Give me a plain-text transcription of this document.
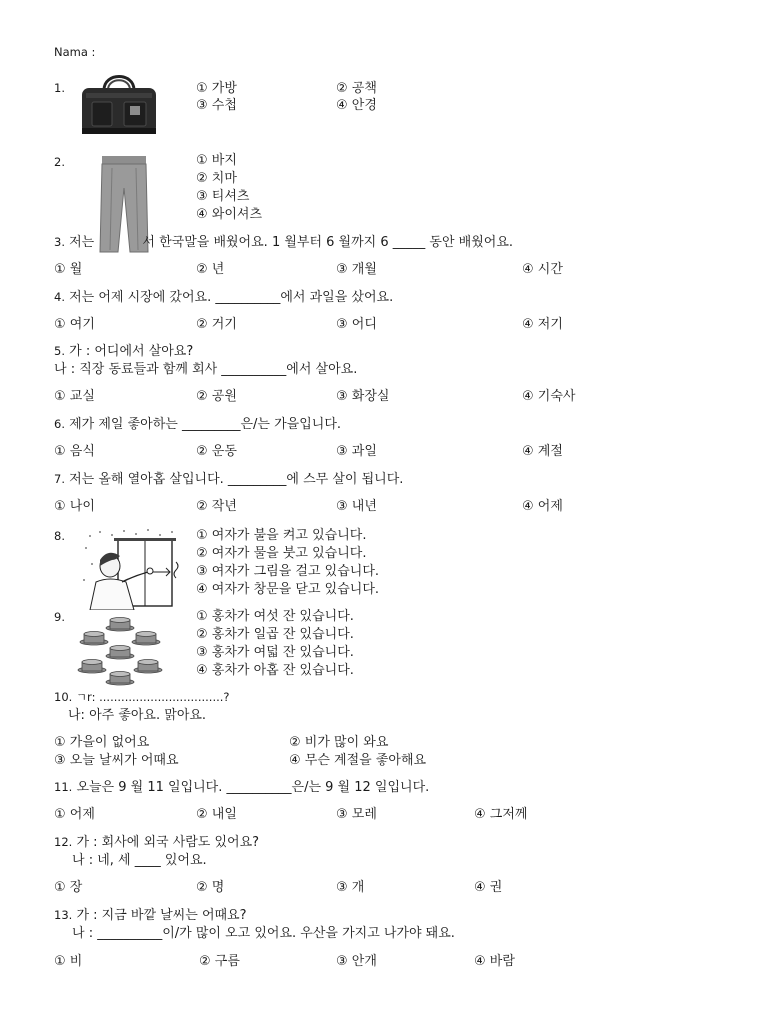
Nama :
1.	① 가방	② 공책
③ 수첩	④ 안경
2.	① 바지
② 치마
③ 티셔츠
④ 와이셔츠
3. 저는	서 한국말을 배웠어요. 1 월부터 6 월까지 6 _____ 동안 배웠어요.
① 월	② 년	③ 개월	④ 시간
4. 저는 어제 시장에 갔어요. __________에서 과일을 샀어요.
① 여기	② 거기	③ 어디	④ 저기
5. 가 : 어디에서 살아요?
나 : 직장 동료들과 함께 회사 __________에서 살아요.
① 교실	② 공원	③ 화장실	④ 기숙사
6. 제가 제일 좋아하는 _________은/는 가을입니다.
① 음식	② 운동	③ 과일	④ 계절
7. 저는 올해 열아홉 살입니다. _________에 스무 살이 됩니다.
① 나이	② 작년	③ 내년	④ 어제
8.	① 여자가 불을 켜고 있습니다.
② 여자가 물을 붓고 있습니다.
③ 여자가 그림을 걸고 있습니다.
④ 여자가 창문을 닫고 있습니다.
9.	① 홍차가 여섯 잔 있습니다.
② 홍차가 일곱 잔 있습니다.
③ 홍차가 여덟 잔 있습니다.
④ 홍차가 아홉 잔 있습니다.
10. ㄱr: ..................................?
나: 아주 좋아요. 맑아요.
① 가을이 없어요	② 비가 많이 와요
③ 오늘 날씨가 어때요	④ 무슨 계절을 좋아해요
11. 오늘은 9 월 11 일입니다. __________은/는 9 월 12 일입니다.
① 어제	② 내일	③ 모레	④ 그저께
12. 가 : 회사에 외국 사람도 있어요?
나 : 네, 세 ____ 있어요.
① 장	② 명	③ 개	④ 권
13. 가 : 지금 바깥 날씨는 어때요?
나 : __________이/가 많이 오고 있어요. 우산을 가지고 나가야 돼요.
① 비	② 구름	③ 안개	④ 바람
